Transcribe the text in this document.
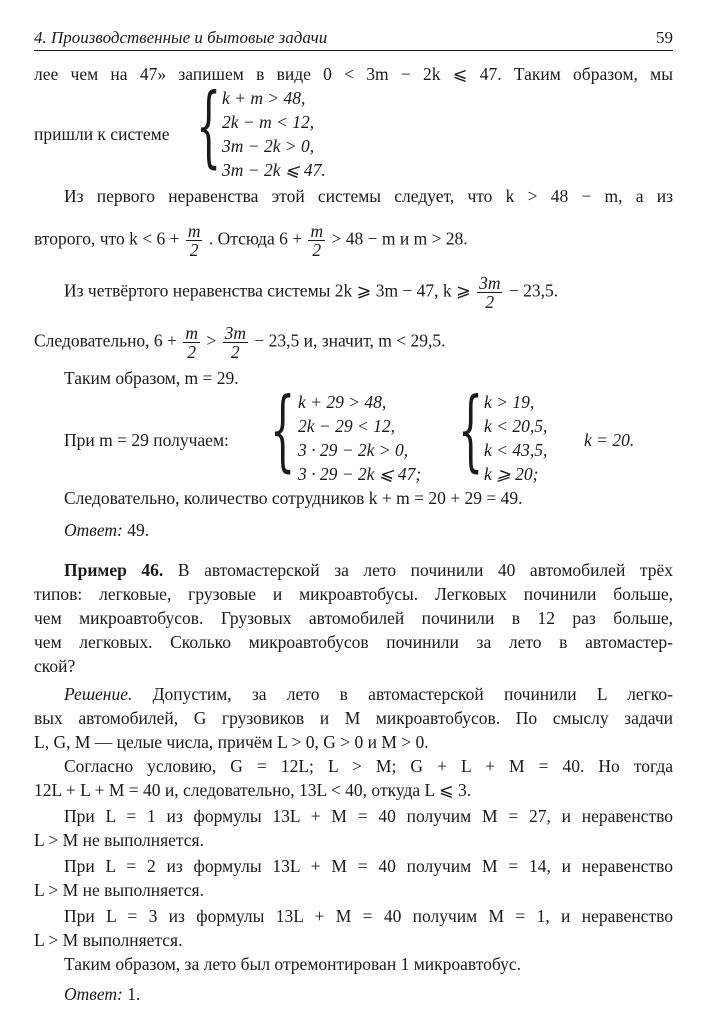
4. Производственные и бытовые задачи	59
лее чем на 47» запишем в виде 0 < 3m − 2k ⩽ 47. Таким образом, мы
пришли к системе { k + m > 48,
2k − m < 12,
3m − 2k > 0,
3m − 2k ⩽ 47.
Из первого неравенства этой системы следует, что k > 48 − m, а из
второго, что $k < 6 + \frac{m}{2}$ . Отсюда $6 + \frac{m}{2} > 48 - m$ и m > 28.
Из четвёртого неравенства системы 2k ⩾ 3m − 47, k ⩾ $\frac{3m}{2} - 23,5$.
Следовательно, $6 + \frac{m}{2} > \frac{3m}{2} - 23,5$ и, значит, m < 29,5.
Таким образом, m = 29.
При m = 29 получаем: { k + 29 > 48,
2k − 29 < 12,
3 · 29 − 2k > 0,
3 · 29 − 2k ⩽ 47; { k > 19,
k < 20,5,
k < 43,5,
k ⩾ 20;
k = 20.
Следовательно, количество сотрудников k + m = 20 + 29 = 49.
Ответ: 49.
Пример 46. В автомастерской за лето починили 40 автомобилей трёх
типов: легковые, грузовые и микроавтобусы. Легковых починили больше,
чем микроавтобусов. Грузовых автомобилей починили в 12 раз больше,
чем легковых. Сколько микроавтобусов починили за лето в автомастер-
ской?
Решение. Допустим, за лето в автомастерской починили L легко-
вых автомобилей, G грузовиков и M микроавтобусов. По смыслу задачи
L, G, M — целые числа, причём L > 0, G > 0 и M > 0.
Согласно условию, G = 12L; L > M; G + L + M = 40. Но тогда
12L + L + M = 40 и, следовательно, 13L < 40, откуда L ⩽ 3.
При L = 1 из формулы 13L + M = 40 получим M = 27, и неравенство
L > M не выполняется.
При L = 2 из формулы 13L + M = 40 получим M = 14, и неравенство
L > M не выполняется.
При L = 3 из формулы 13L + M = 40 получим M = 1, и неравенство
L > M выполняется.
Таким образом, за лето был отремонтирован 1 микроавтобус.
Ответ: 1.
